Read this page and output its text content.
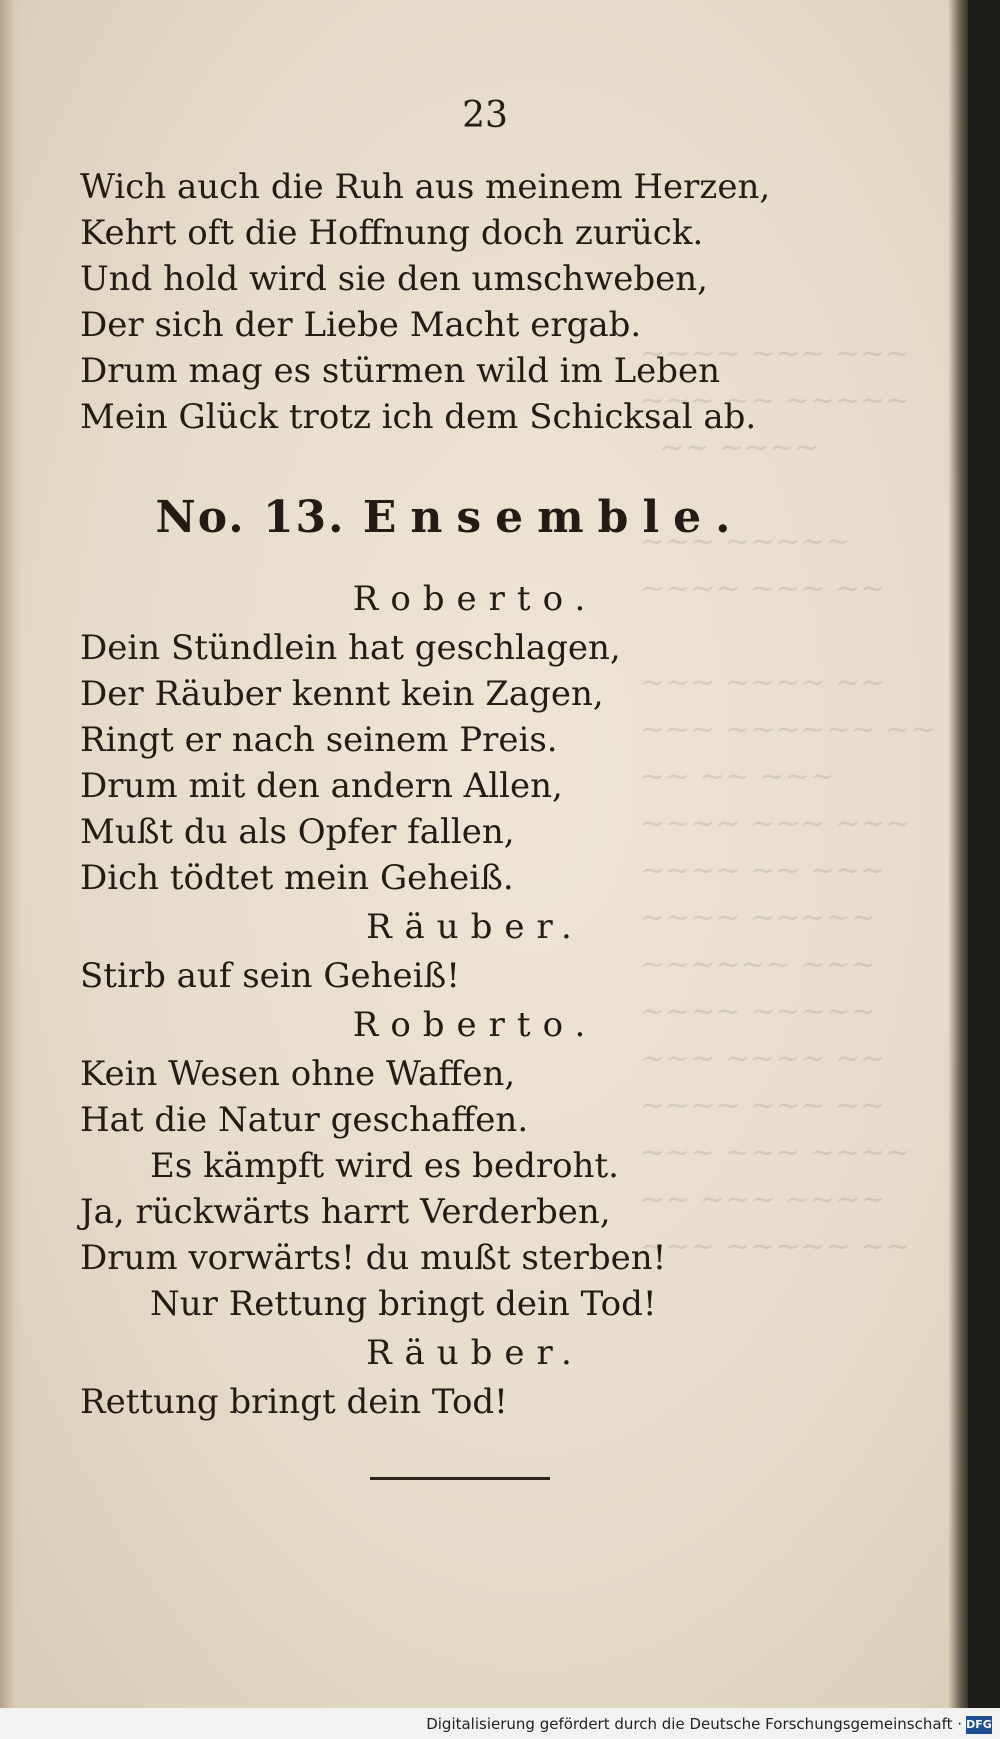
~~~~ ~~~ ~~~
~~~ ~~ ~~~~~
~~ ~~~~

~~~ ~~~~~
~~~~ ~~~ ~~

~~~ ~~~~ ~~
~~~ ~~~~~~ ~~
~~ ~~ ~~~
~~~~ ~~~ ~~~
~~~~ ~~ ~~~
~~~~ ~~~~~
~~~~~~ ~~~
~~~~ ~~~~~
~~~ ~~~~ ~~
~~~~ ~~~ ~~
~~~ ~~~ ~~~~
~~ ~~~ ~~~~
~~~ ~~~~~ ~~
23
Wich auch die Ruh aus meinem Herzen,
Kehrt oft die Hoffnung doch zurück.
Und hold wird sie den umschweben,
Der sich der Liebe Macht ergab.
Drum mag es stürmen wild im Leben
Mein Glück trotz ich dem Schicksal ab.
No. 13. Ensemble.
Roberto.
Dein Stündlein hat geschlagen,
Der Räuber kennt kein Zagen,
Ringt er nach seinem Preis.
Drum mit den andern Allen,
Mußt du als Opfer fallen,
Dich tödtet mein Geheiß.
Räuber.
Stirb auf sein Geheiß!
Roberto.
Kein Wesen ohne Waffen,
Hat die Natur geschaffen.
Es kämpft wird es bedroht.
Ja, rückwärts harrt Verderben,
Drum vorwärts! du mußt sterben!
Nur Rettung bringt dein Tod!
Räuber.
Rettung bringt dein Tod!
Digitalisierung gefördert durch die Deutsche Forschungsgemeinschaft · DFG
